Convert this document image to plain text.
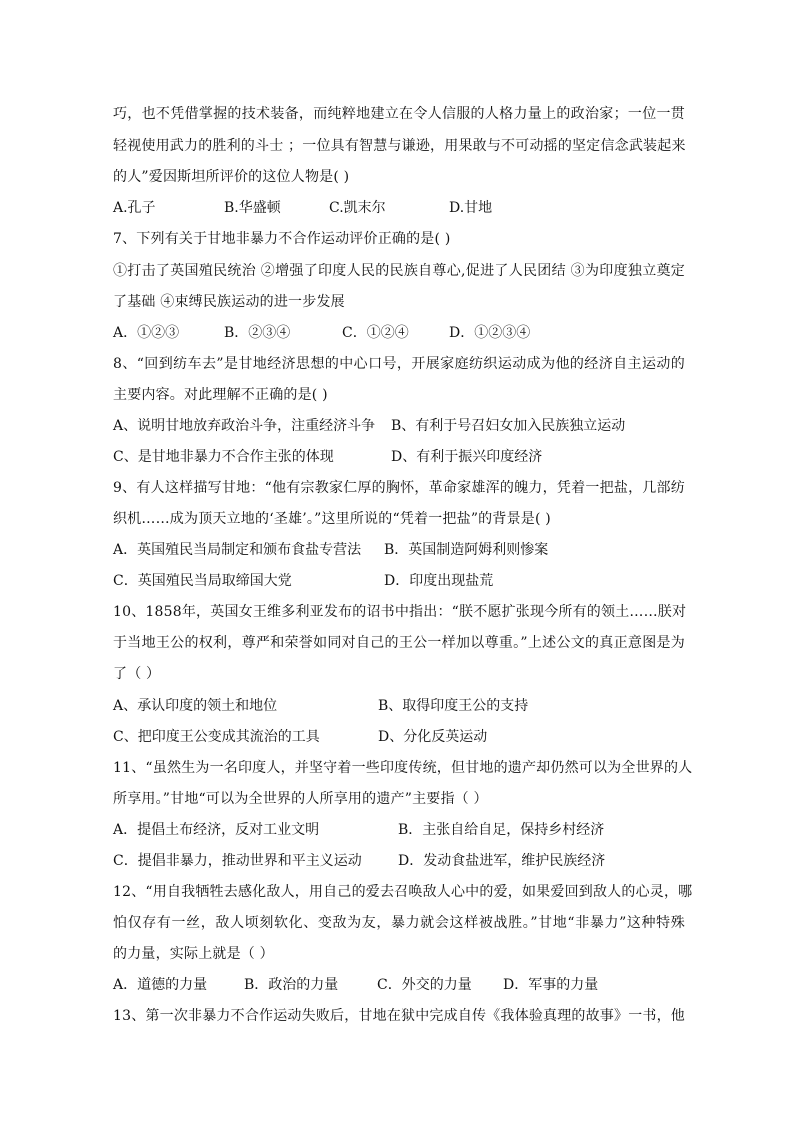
巧，也不凭借掌握的技术装备，而纯粹地建立在令人信服的人格力量上的政治家；一位一贯
轻视使用武力的胜利的斗士 ；一位具有智慧与谦逊，用果敢与不可动摇的坚定信念武装起来
的人”爱因斯坦所评价的这位人物是( )
A.孔子	B.华盛顿	C.凯末尔	D.甘地
7、下列有关于甘地非暴力不合作运动评价正确的是( )
①打击了英国殖民统治 ②增强了印度人民的民族自尊心,促进了人民团结 ③为印度独立奠定
了基础 ④束缚民族运动的进一步发展
A．①②③	B．②③④	C．①②④	D．①②③④
8、“回到纺车去”是甘地经济思想的中心口号，开展家庭纺织运动成为他的经济自主运动的
主要内容。对此理解不正确的是( )
A、说明甘地放弃政治斗争，注重经济斗争 B、有利于号召妇女加入民族独立运动
C、是甘地非暴力不合作主张的体现	D、有利于振兴印度经济
9、有人这样描写甘地：“他有宗教家仁厚的胸怀，革命家雄浑的魄力，凭着一把盐，几部纺
织机……成为顶天立地的‘圣雄’。”这里所说的“凭着一把盐”的背景是( )
A．英国殖民当局制定和颁布食盐专营法 B．英国制造阿姆利则惨案
C．英国殖民当局取缔国大党	D．印度出现盐荒
10、1858年，英国女王维多利亚发布的诏书中指出：“朕不愿扩张现今所有的领土……朕对
于当地王公的权利，尊严和荣誉如同对自己的王公一样加以尊重。”上述公文的真正意图是为
了（ ）
A、承认印度的领土和地位	B、取得印度王公的支持
C、把印度王公变成其流治的工具	D、分化反英运动
11、“虽然生为一名印度人，并坚守着一些印度传统，但甘地的遗产却仍然可以为全世界的人
所享用。”甘地“可以为全世界的人所享用的遗产”主要指（ ）
A．提倡土布经济，反对工业文明	B．主张自给自足，保持乡村经济
C．提倡非暴力，推动世界和平主义运动	D．发动食盐进军，维护民族经济
12、“用自我牺牲去感化敌人，用自己的爱去召唤敌人心中的爱，如果爱回到敌人的心灵，哪
怕仅存有一丝，敌人顷刻软化、变敌为友，暴力就会这样被战胜。”甘地“非暴力”这种特殊
的力量，实际上就是（ ）
A．道德的力量	B．政治的力量	C．外交的力量 D．军事的力量
13、第一次非暴力不合作运动失败后，甘地在狱中完成自传《我体验真理的故事》一书，他
